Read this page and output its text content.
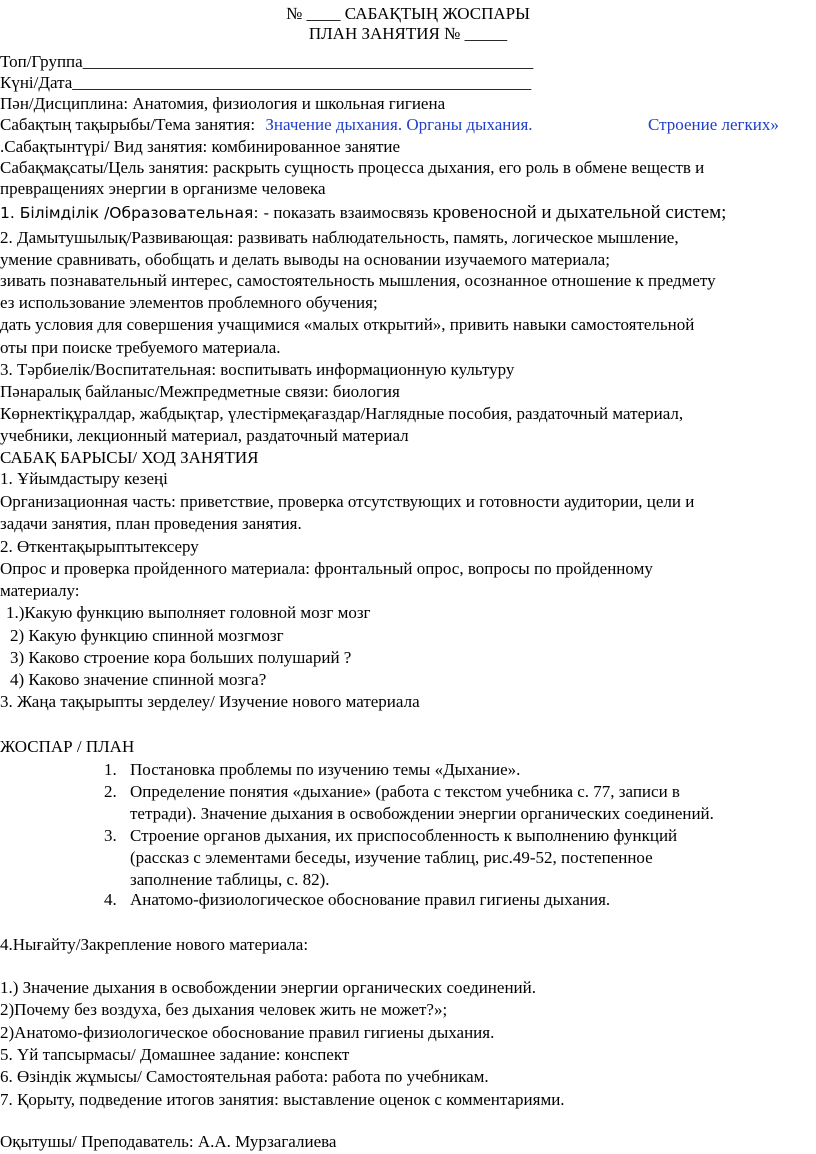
№ ____ САБАҚТЫҢ ЖОСПАРЫ
ПЛАН ЗАНЯТИЯ № _____
Топ/Группа_____________________________________________________
Күні/Дата______________________________________________________
Пән/Дисциплина: Анатомия, физиология и школьная гигиена
Сабақтың тақырыбы/Тема занятия: Значение дыхания. Органы дыхания.	Строение легких»
.Сабақтынтүрі/ Вид занятия: комбинированное занятие
Сабақмақсаты/Цель занятия: раскрыть сущность процесса дыхания, его роль в обмене веществ и
превращениях энергии в организме человека
1. Білімділік /Образовательная: - показать взаимосвязь кровеносной и дыхательной систем;
2. Дамытушылық/Развивающая: развивать наблюдательность, память, логическое мышление,
умение сравнивать, обобщать и делать выводы на основании изучаемого материала;
зивать познавательный интерес, самостоятельность мышления, осознанное отношение к предмету
ез использование элементов проблемного обучения;
дать условия для совершения учащимися «малых открытий», привить навыки самостоятельной
оты при поиске требуемого материала.
3. Тәрбиелік/Воспитательная: воспитывать информационную культуру
Пәнаралық байланыс/Межпредметные связи: биология
Көрнектіқұралдар, жабдықтар, үлестірмеқағаздар/Наглядные пособия, раздаточный материал,
учебники, лекционный материал, раздаточный материал
САБАҚ БАРЫСЫ/ ХОД ЗАНЯТИЯ
1. Ұйымдастыру кезеңі
Организационная часть: приветствие, проверка отсутствующих и готовности аудитории, цели и
задачи занятия, план проведения занятия.
2. Өткентақырыптытексеру
Опрос и проверка пройденного материала: фронтальный опрос, вопросы по пройденному
материалу:
1.)Какую функцию выполняет головной мозг мозг
2) Какую функцию спинной мозгмозг
3) Каково строение кора больших полушарий ?
4) Каково значение спинной мозга?
3. Жаңа тақырыпты зерделеу/ Изучение нового материала
ЖОСПАР / ПЛАН
1. Постановка проблемы по изучению темы «Дыхание».
2. Определение понятия «дыхание» (работа с текстом учебника с. 77, записи в
тетради). Значение дыхания в освобождении энергии органических соединений.
3. Строение органов дыхания, их приспособленность к выполнению функций
(рассказ с элементами беседы, изучение таблиц, рис.49-52, постепенное
заполнение таблицы, с. 82).
4. Анатомо-физиологическое обоснование правил гигиены дыхания.
4.Нығайту/Закрепление нового материала:
1.) Значение дыхания в освобождении энергии органических соединений.
2)Почему без воздуха, без дыхания человек жить не может?»;
2)Анатомо-физиологическое обоснование правил гигиены дыхания.
5. Үй тапсырмасы/ Домашнее задание: конспект
6. Өзіндік жұмысы/ Самостоятельная работа: работа по учебникам.
7. Қорыту, подведение итогов занятия: выставление оценок с комментариями.
Оқытушы/ Преподаватель: А.А. Мурзагалиева
